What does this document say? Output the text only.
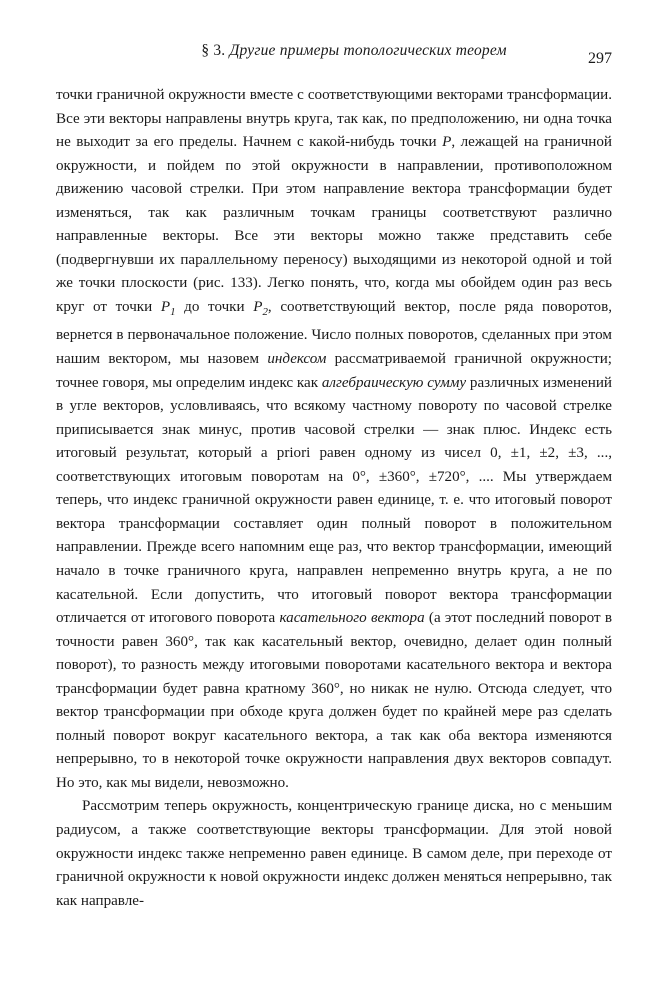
§ 3. Другие примеры топологических теорем	297

точки граничной окружности вместе с соответствующими векторами трансформации. Все эти векторы направлены внутрь круга, так как, по предположению, ни одна точка не выходит за его пределы. Начнем с какой-нибудь точки P, лежащей на граничной окружности, и пойдем по этой окружности в направлении, противоположном движению часовой стрелки. При этом направление вектора трансформации будет изменяться, так как различным точкам границы соответствуют различно направленные векторы. Все эти векторы можно также представить себе (подвергнувши их параллельному переносу) выходящими из некоторой одной и той же точки плоскости (рис. 133). Легко понять, что, когда мы обойдем один раз весь круг от точки $P_1$ до точки $P_2$, соответствующий вектор, после ряда поворотов, вернется в первоначальное положение. Число полных поворотов, сделанных при этом нашим вектором, мы назовем индексом рассматриваемой граничной окружности; точнее говоря, мы определим индекс как алгебраическую сумму различных изменений в угле векторов, условливаясь, что всякому частному повороту по часовой стрелке приписывается знак минус, против часовой стрелки — знак плюс. Индекс есть итоговый результат, который a priori равен одному из чисел 0, ±1, ±2, ±3, ..., соответствующих итоговым поворотам на 0°, ±360°, ±720°, .... Мы утверждаем теперь, что индекс граничной окружности равен единице, т. е. что итоговый поворот вектора трансформации составляет один полный поворот в положительном направлении. Прежде всего напомним еще раз, что вектор трансформации, имеющий начало в точке граничного круга, направлен непременно внутрь круга, а не по касательной. Если допустить, что итоговый поворот вектора трансформации отличается от итогового поворота касательного вектора (а этот последний поворот в точности равен 360°, так как касательный вектор, очевидно, делает один полный поворот), то разность между итоговыми поворотами касательного вектора и вектора трансформации будет равна кратному 360°, но никак не нулю. Отсюда следует, что вектор трансформации при обходе круга должен будет по крайней мере раз сделать полный поворот вокруг касательного вектора, а так как оба вектора изменяются непрерывно, то в некоторой точке окружности направления двух векторов совпадут. Но это, как мы видели, невозможно.

Рассмотрим теперь окружность, концентрическую границе диска, но с меньшим радиусом, а также соответствующие векторы трансформации. Для этой новой окружности индекс также непременно равен единице. В самом деле, при переходе от граничной окружности к новой окружности индекс должен меняться непрерывно, так как направле-
